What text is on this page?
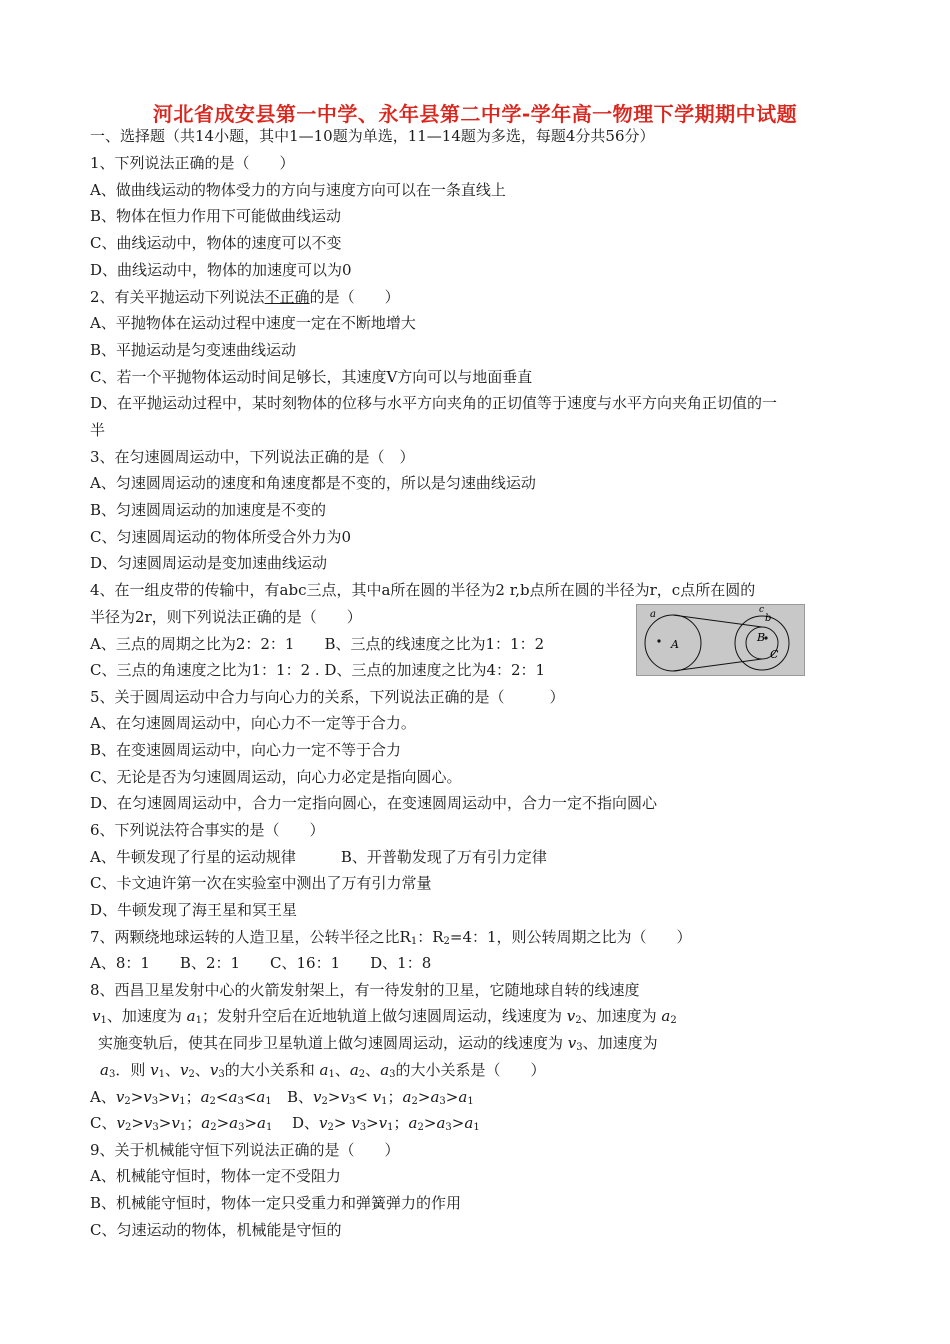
河北省成安县第一中学、永年县第二中学-学年高一物理下学期期中试题
一、选择题（共14小题，其中1—10题为单选，11—14题为多选，每题4分共56分）
1、下列说法正确的是（　　）
A、做曲线运动的物体受力的方向与速度方向可以在一条直线上
B、物体在恒力作用下可能做曲线运动
C、曲线运动中，物体的速度可以不变
D、曲线运动中，物体的加速度可以为0
2、有关平抛运动下列说法不正确的是（　　）
A、平抛物体在运动过程中速度一定在不断地增大
B、平抛运动是匀变速曲线运动
C、若一个平抛物体运动时间足够长，其速度V方向可以与地面垂直
D、在平抛运动过程中，某时刻物体的位移与水平方向夹角的正切值等于速度与水平方向夹角正切值的一
半
3、在匀速圆周运动中，下列说法正确的是（　）
A、匀速圆周运动的速度和角速度都是不变的，所以是匀速曲线运动
B、匀速圆周运动的加速度是不变的
C、匀速圆周运动的物体所受合外力为0
D、匀速圆周运动是变加速曲线运动
4、在一组皮带的传输中，有abc三点，其中a所在圆的半径为2 r,b点所在圆的半径为r，c点所在圆的
半径为2r，则下列说法正确的是（　　）
A、三点的周期之比为2：2：1　　B、三点的线速度之比为1：1：2
C、三点的角速度之比为1：1：2 . D、三点的加速度之比为4：2：1
a
A
b
B
c
C
5、关于圆周运动中合力与向心力的关系，下列说法正确的是（　　　）
A、在匀速圆周运动中，向心力不一定等于合力。
B、在变速圆周运动中，向心力一定不等于合力
C、无论是否为匀速圆周运动，向心力必定是指向圆心。
D、在匀速圆周运动中，合力一定指向圆心，在变速圆周运动中，合力一定不指向圆心
6、下列说法符合事实的是（　　）
A、牛顿发现了行星的运动规律　　　B、开普勒发现了万有引力定律
C、卡文迪许第一次在实验室中测出了万有引力常量
D、牛顿发现了海王星和冥王星
7、两颗绕地球运转的人造卫星，公转半径之比R1：R2=4：1，则公转周期之比为（　　）
A、8：1　　B、2：1　　C、16：1　　D、1：8
8、西昌卫星发射中心的火箭发射架上，有一待发射的卫星，它随地球自转的线速度
v1、加速度为 a1；发射升空后在近地轨道上做匀速圆周运动，线速度为 v2、加速度为 a2
实施变轨后，使其在同步卫星轨道上做匀速圆周运动，运动的线速度为 v3、加速度为
a3．则 v1、v2、v3的大小关系和 a1、a2、a3的大小关系是（　　）
A、v2>v3>v1；a2<a3<a1 B、v2>v3< v1；a2>a3>a1
C、v2>v3>v1；a2>a3>a1 D、v2> v3>v1；a2>a3>a1
9、关于机械能守恒下列说法正确的是（　　）
A、机械能守恒时，物体一定不受阻力
B、机械能守恒时，物体一定只受重力和弹簧弹力的作用
C、匀速运动的物体，机械能是守恒的
